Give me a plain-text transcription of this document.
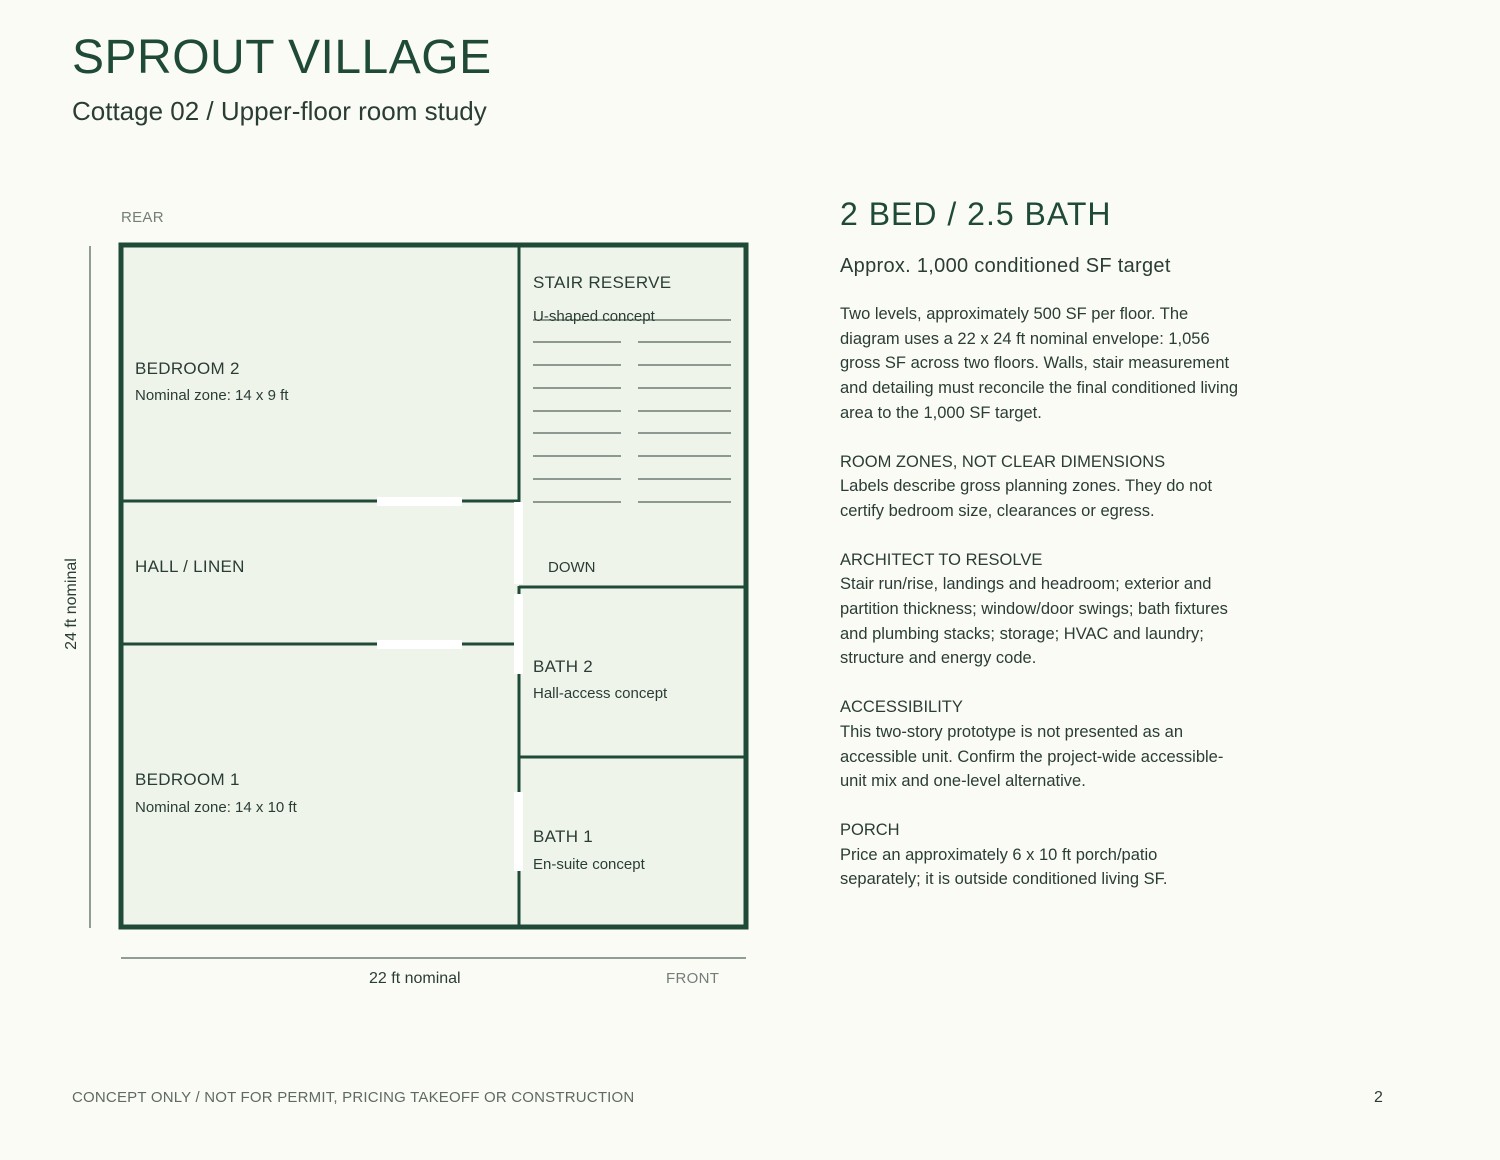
SPROUT VILLAGE
Cottage 02 / Upper-floor room study
REAR
24 ft nominal
BEDROOM 2
Nominal zone: 14 x 9 ft
HALL / LINEN
BEDROOM 1
Nominal zone: 14 x 10 ft
STAIR RESERVE
U-shaped concept
DOWN
BATH 2
Hall-access concept
BATH 1
En-suite concept
22 ft nominal	FRONT
2 BED / 2.5 BATH
Approx. 1,000 conditioned SF target
Two levels, approximately 500 SF per floor. The diagram uses a 22 x 24 ft nominal envelope: 1,056 gross SF across two floors. Walls, stair measurement and detailing must reconcile the final conditioned living area to the 1,000 SF target.
ROOM ZONES, NOT CLEAR DIMENSIONS
Labels describe gross planning zones. They do not certify bedroom size, clearances or egress.
ARCHITECT TO RESOLVE
Stair run/rise, landings and headroom; exterior and partition thickness; window/door swings; bath fixtures and plumbing stacks; storage; HVAC and laundry; structure and energy code.
ACCESSIBILITY
This two-story prototype is not presented as an accessible unit. Confirm the project-wide accessible-unit mix and one-level alternative.
PORCH
Price an approximately 6 x 10 ft porch/patio separately; it is outside conditioned living SF.
CONCEPT ONLY / NOT FOR PERMIT, PRICING TAKEOFF OR CONSTRUCTION	2
